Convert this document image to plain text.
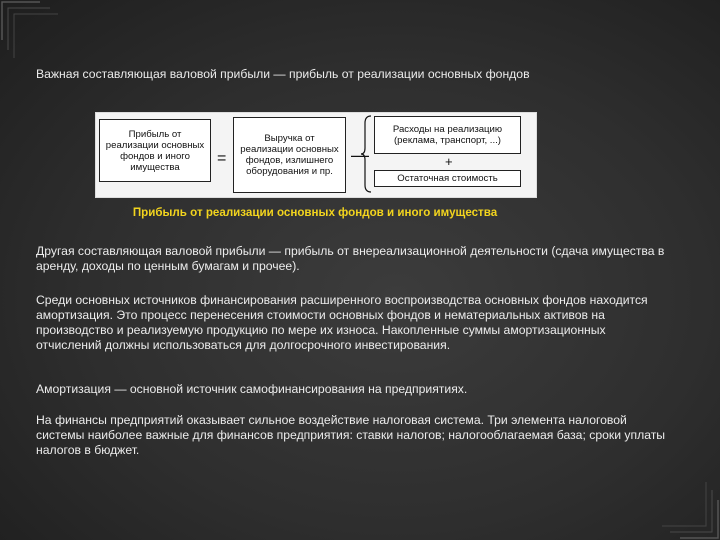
Важная составляющая валовой прибыли — прибыль от реализации основных фондов
Прибыль от реализации основных фондов и иного имущества	=
Выручка от реализации основных фондов, излишнего оборудования и пр.
—
Расходы на реализацию (реклама, транспорт, ...)
+
Остаточная стоимость
Прибыль от реализации основных фондов и иного имущества
Другая составляющая валовой прибыли — прибыль от внереализационной деятельности (сдача имущества в аренду, доходы по ценным бумагам и прочее).
Среди основных источников финансирования расширенного воспроизводства основных фондов находится амортизация. Это процесс перенесения стоимости основных фондов и нематериальных активов на производство и реализуемую продукцию по мере их износа. Накопленные суммы амортизационных отчислений должны использоваться для долгосрочного инвестирования.
Амортизация — основной источник самофинансирования на предприятиях.
На финансы предприятий оказывает сильное воздействие налоговая система. Три элемента налоговой системы наиболее важные для финансов предприятия: ставки налогов; налогооблагаемая база; сроки уплаты налогов в бюджет.
